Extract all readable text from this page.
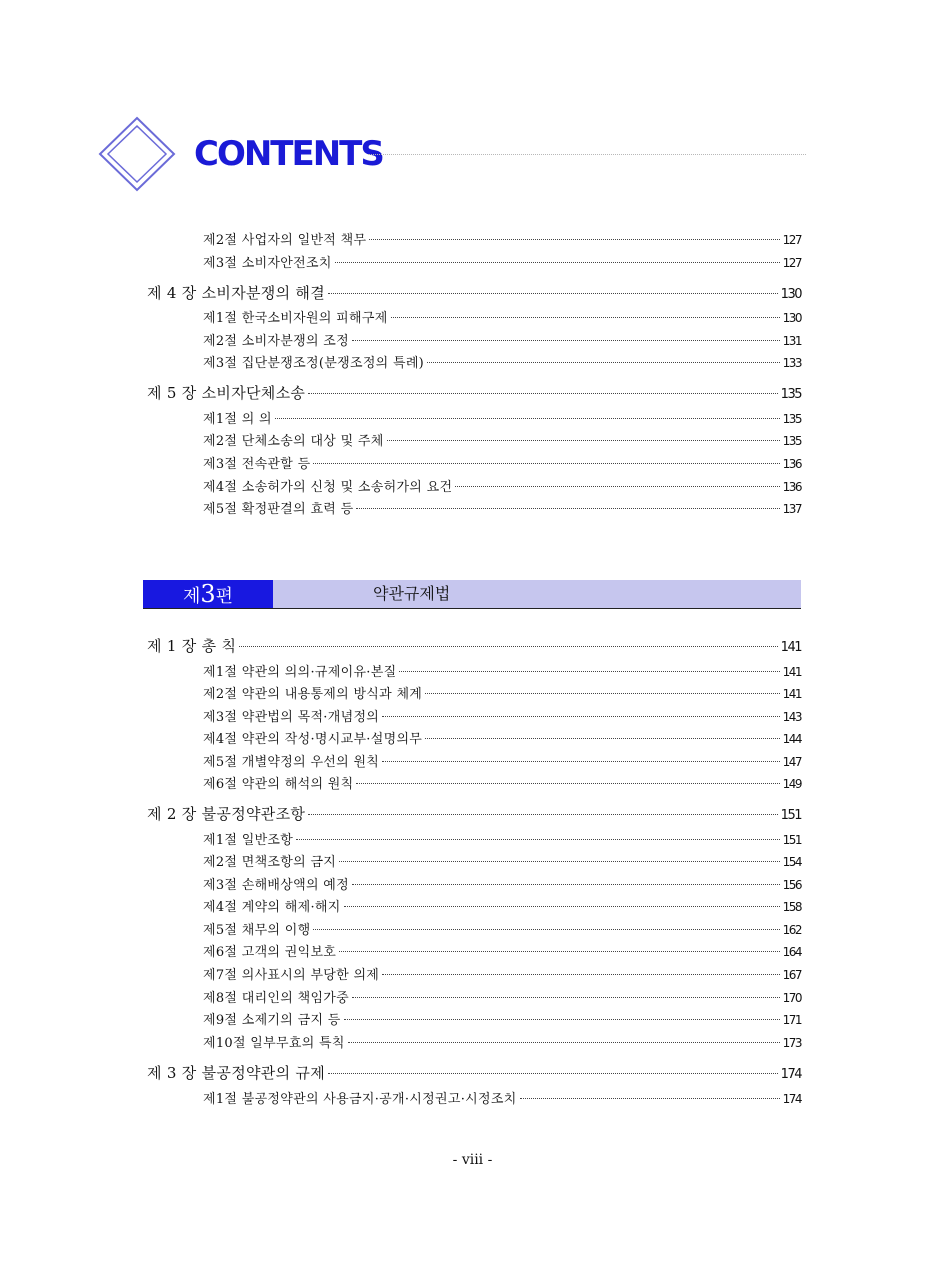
CONTENTS
제2절 사업자의 일반적 책무	127
제3절 소비자안전조치	127
제 4 장 소비자분쟁의 해결	130
제1절 한국소비자원의 피해구제	130
제2절 소비자분쟁의 조정	131
제3절 집단분쟁조정(분쟁조정의 특례)	133
제 5 장 소비자단체소송	135
제1절 의 의	135
제2절 단체소송의 대상 및 주체	135
제3절 전속관할 등	136
제4절 소송허가의 신청 및 소송허가의 요건	136
제5절 확정판결의 효력 등	137
제3편	약관규제법
제 1 장 총 칙	141
제1절 약관의 의의·규제이유·본질	141
제2절 약관의 내용통제의 방식과 체계	141
제3절 약관법의 목적·개념정의	143
제4절 약관의 작성·명시교부·설명의무	144
제5절 개별약정의 우선의 원칙	147
제6절 약관의 해석의 원칙	149
제 2 장 불공정약관조항	151
제1절 일반조항	151
제2절 면책조항의 금지	154
제3절 손해배상액의 예정	156
제4절 계약의 해제·해지	158
제5절 채무의 이행	162
제6절 고객의 권익보호	164
제7절 의사표시의 부당한 의제	167
제8절 대리인의 책임가중	170
제9절 소제기의 금지 등	171
제10절 일부무효의 특칙	173
제 3 장 불공정약관의 규제	174
제1절 불공정약관의 사용금지·공개·시정권고·시정조치	174
- viii -
